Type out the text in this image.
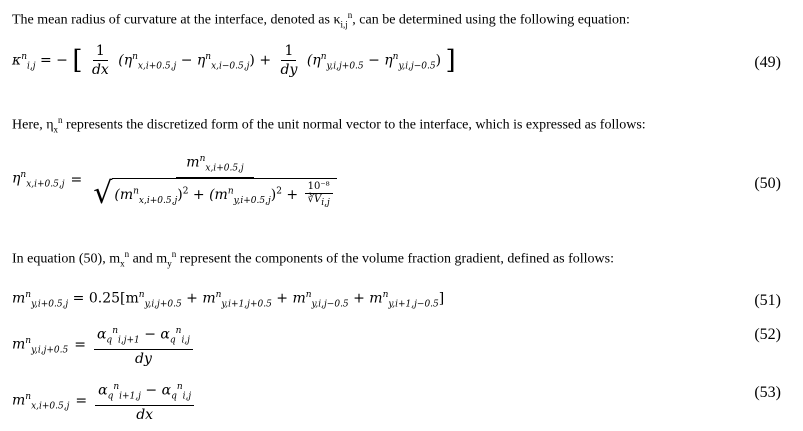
The mean radius of curvature at the interface, denoted as $\kappa_{i,j}^n$, can be determined using the following equation:
$\kappa^n_{i,j}$ = − [ $\frac{1}{dx} (\eta^n_{x,i+0.5,j} - \eta^n_{x,i-0.5,j}) + \frac{1}{dy} (\eta^n_{y,i,j+0.5} - \eta^n_{y,i,j-0.5})$ ]	(49)
Here, $\eta_x^n$ represents the discretized form of the unit normal vector to the interface, which is expressed as follows:
$\eta^n_{x,i+0.5,j} = \frac{m^n_{x,i+0.5,j}}{√ (m^n_{x,i+0.5,j})^2 + (m^n_{y,i+0.5,j})^2 + \frac{\text{10⁻⁸}}{∛V_{i,j}}}$	(50)
In equation (50), $m_x^n$ and $m_y^n$ represent the components of the volume fraction gradient, defined as follows:
$m^n_{y,i+0.5,j} = 0.25[m^n_{y,i,j+0.5} + m^n_{y,i+1,j+0.5} + m^n_{y,i,j-0.5} + m^n_{y,i+1,j-0.5}]$	(51)
$m^n_{y,i,j+0.5} = \frac{\alpha_q^n_{i,j+1} - \alpha_q^n_{i,j}}{dy}$	(52)
$m^n_{x,i+0.5,j} = \frac{\alpha_q^n_{i+1,j} - \alpha_q^n_{i,j}}{dx}$	(53)
